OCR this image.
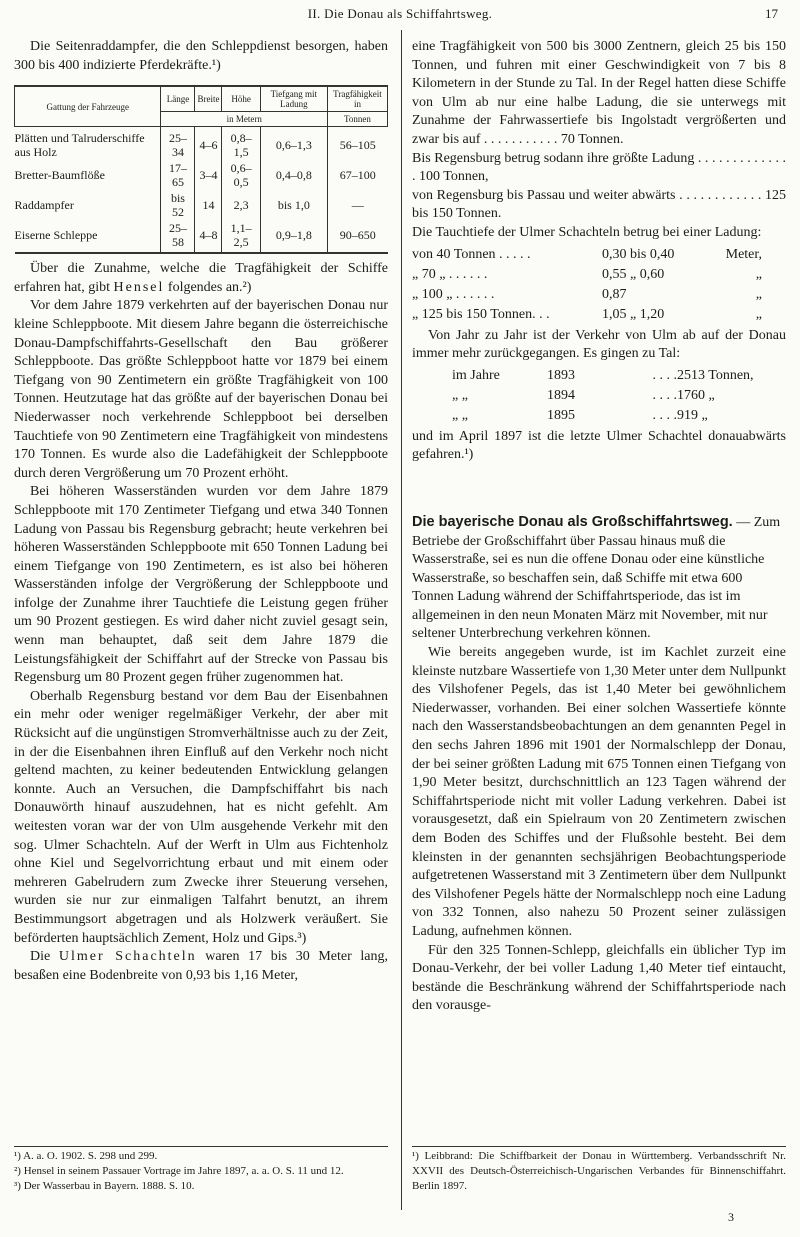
II. Die Donau als Schiffahrtsweg.	17

Die Seitenraddampfer, die den Schleppdienst besorgen, haben 300 bis 400 indizierte Pferdekräfte.¹)

Gattung der Fahrzeuge	Länge	Breite	Höhe	Tiefgang mit Ladung	Tragfähigkeit in
	in Metern				Tonnen
Plätten und Talruderschiffe aus Holz	25–34	4–6	0,8–1,5	0,6–1,3	56–105
Bretter-Baumflöße	17–65	3–4	0,6–0,5	0,4–0,8	67–100
Raddampfer	bis 52	14	2,3	bis 1,0	—
Eiserne Schleppe	25–58	4–8	1,1–2,5	0,9–1,8	90–650

Über die Zunahme, welche die Tragfähigkeit der Schiffe erfahren hat, gibt Hensel folgendes an.²)

Vor dem Jahre 1879 verkehrten auf der bayerischen Donau nur kleine Schleppboote. Mit diesem Jahre begann die österreichische Donau-Dampfschiffahrts-Gesellschaft den Bau größerer Schleppboote. Das größte Schleppboot hatte vor 1879 bei einem Tiefgang von 90 Zentimetern ein größte Tragfähigkeit von 100 Tonnen. Heutzutage hat das größte auf der bayerischen Donau bei Niederwasser noch verkehrende Schleppboot bei derselben Tauchtiefe von 90 Zentimetern eine Tragfähigkeit von mindestens 170 Tonnen. Es wurde also die Ladefähigkeit der Schleppboote durch deren Vergrößerung um 70 Prozent erhöht.

Bei höheren Wasserständen wurden vor dem Jahre 1879 Schleppboote mit 170 Zentimeter Tiefgang und etwa 340 Tonnen Ladung von Passau bis Regensburg gebracht; heute verkehren bei höheren Wasserständen Schleppboote mit 650 Tonnen Ladung bei einem Tiefgange von 190 Zentimetern, es ist also bei höheren Wasserständen infolge der Vergrößerung der Schleppboote und infolge der Zunahme ihrer Tauchtiefe die Leistung gegen früher um 90 Prozent gestiegen. Es wird daher nicht zuviel gesagt sein, wenn man behauptet, daß seit dem Jahre 1879 die Leistungsfähigkeit der Schiffahrt auf der Strecke von Passau bis Regensburg um 80 Prozent gegen früher zugenommen hat.

Oberhalb Regensburg bestand vor dem Bau der Eisenbahnen ein mehr oder weniger regelmäßiger Verkehr, der aber mit Rücksicht auf die ungünstigen Stromverhältnisse auch zu der Zeit, in der die Eisenbahnen ihren Einfluß auf den Verkehr noch nicht geltend machten, zu keiner bedeutenden Entwicklung gelangen konnte. Auch an Versuchen, die Dampfschiffahrt bis nach Donauwörth hinauf auszudehnen, hat es nicht gefehlt. Am weitesten voran war der von Ulm ausgehende Verkehr mit den sog. Ulmer Schachteln. Auf der Werft in Ulm aus Fichtenholz ohne Kiel und Segelvorrichtung erbaut und mit einem oder mehreren Gabelrudern zum Zwecke ihrer Steuerung versehen, wurden sie nur zur einmaligen Talfahrt benutzt, an ihrem Bestimmungsort abgetragen und als Holzwerk veräußert. Sie beförderten hauptsächlich Zement, Holz und Gips.³)

Die Ulmer Schachteln waren 17 bis 30 Meter lang, besaßen eine Bodenbreite von 0,93 bis 1,16 Meter,

¹) A. a. O. 1902. S. 298 und 299.

²) Hensel in seinem Passauer Vortrage im Jahre 1897, a. a. O. S. 11 und 12.

³) Der Wasserbau in Bayern. 1888. S. 10.

eine Tragfähigkeit von 500 bis 3000 Zentnern, gleich 25 bis 150 Tonnen, und fuhren mit einer Geschwindigkeit von 7 bis 8 Kilometern in der Stunde zu Tal. In der Regel hatten diese Schiffe von Ulm ab nur eine halbe Ladung, die sie unterwegs mit Zunahme der Fahrwassertiefe bis Ingolstadt vergrößerten und zwar bis auf . . . . . . . . . . . 70 Tonnen.

Bis Regensburg betrug sodann ihre größte Ladung . . . . . . . . . . . . . . 100 Tonnen,

von Regensburg bis Passau und weiter abwärts . . . . . . . . . . . . 125 bis 150 Tonnen.

Die Tauchtiefe der Ulmer Schachteln betrug bei einer Ladung:

von 40 Tonnen . . . . .	0,30 bis 0,40	Meter,
„ 70 „ . . . . . .	0,55 „ 0,60	„
„ 100 „ . . . . . .	0,87	„
„ 125 bis 150 Tonnen. . .	1,05 „ 1,20	„

Von Jahr zu Jahr ist der Verkehr von Ulm ab auf der Donau immer mehr zurückgegangen. Es gingen zu Tal:

im Jahre	1893	. . . . 2513 Tonnen,
„ „	1894	. . . . 1760 „
„ „	1895	. . . . 919 „

und im April 1897 ist die letzte Ulmer Schachtel donauabwärts gefahren.¹)

Die bayerische Donau als Großschiffahrtsweg. — Zum Betriebe der Großschiffahrt über Passau hinaus muß die Wasserstraße, sei es nun die offene Donau oder eine künstliche Wasserstraße, so beschaffen sein, daß Schiffe mit etwa 600 Tonnen Ladung während der Schiffahrtsperiode, das ist im allgemeinen in den neun Monaten März mit November, mit nur seltener Unterbrechung verkehren können.

Wie bereits angegeben wurde, ist im Kachlet zurzeit eine kleinste nutzbare Wassertiefe von 1,30 Meter unter dem Nullpunkt des Vilshofener Pegels, das ist 1,40 Meter bei gewöhnlichem Niederwasser, vorhanden. Bei einer solchen Wassertiefe könnte nach den Wasserstandsbeobachtungen an dem genannten Pegel in den sechs Jahren 1896 mit 1901 der Normalschlepp der Donau, der bei seiner größten Ladung mit 675 Tonnen einen Tiefgang von 1,90 Meter besitzt, durchschnittlich an 123 Tagen während der Schiffahrtsperiode nicht mit voller Ladung verkehren. Dabei ist vorausgesetzt, daß ein Spielraum von 20 Zentimetern zwischen dem Boden des Schiffes und der Flußsohle besteht. Bei dem kleinsten in der genannten sechsjährigen Beobachtungsperiode aufgetretenen Wasserstand mit 3 Zentimetern über dem Nullpunkt des Vilshofener Pegels hätte der Normalschlepp noch eine Ladung von 332 Tonnen, also nahezu 50 Prozent seiner zulässigen Ladung, aufnehmen können.

Für den 325 Tonnen-Schlepp, gleichfalls ein üblicher Typ im Donau-Verkehr, der bei voller Ladung 1,40 Meter tief eintaucht, bestände die Beschränkung während der Schiffahrtsperiode nach den vorausge-

¹) Leibbrand: Die Schiffbarkeit der Donau in Württemberg. Verbandsschrift Nr. XXVII des Deutsch-Österreichisch-Ungarischen Verbandes für Binnenschiffahrt. Berlin 1897.

3
